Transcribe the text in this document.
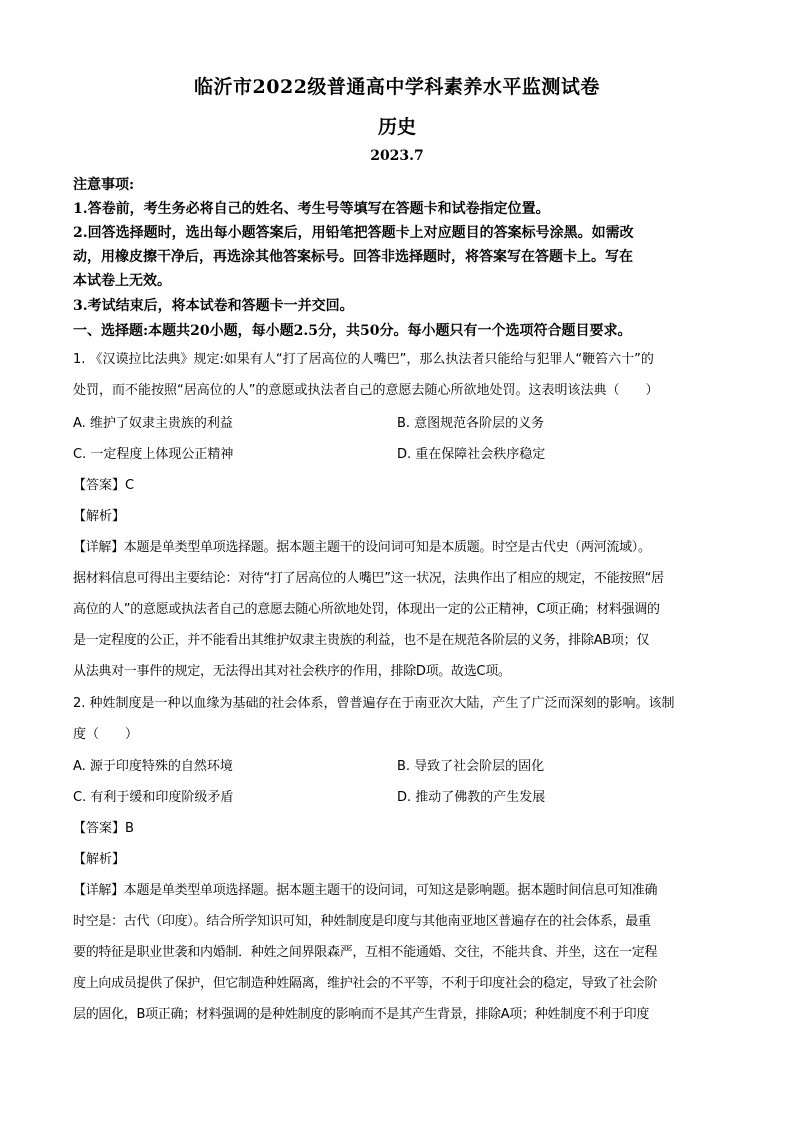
临沂市2022级普通高中学科素养水平监测试卷
历史
2023.7
注意事项:
1.答卷前，考生务必将自己的姓名、考生号等填写在答题卡和试卷指定位置。
2.回答选择题时，选出每小题答案后，用铅笔把答题卡上对应题目的答案标号涂黑。如需改
动，用橡皮擦干净后，再选涂其他答案标号。回答非选择题时，将答案写在答题卡上。写在
本试卷上无效。
3.考试结束后，将本试卷和答题卡一并交回。
一、选择题:本题共20小题，每小题2.5分，共50分。每小题只有一个选项符合题目要求。
1. 《汉谟拉比法典》规定:如果有人“打了居高位的人嘴巴”，那么执法者只能给与犯罪人“鞭笞六十”的
处罚，而不能按照“居高位的人”的意愿或执法者自己的意愿去随心所欲地处罚。这表明该法典（　　）
A. 维护了奴隶主贵族的利益	B. 意图规范各阶层的义务
C. 一定程度上体现公正精神	D. 重在保障社会秩序稳定
【答案】C
【解析】
【详解】本题是单类型单项选择题。据本题主题干的设问词可知是本质题。时空是古代史（两河流域）。
据材料信息可得出主要结论：对待“打了居高位的人嘴巴”这一状况，法典作出了相应的规定，不能按照“居
高位的人”的意愿或执法者自己的意愿去随心所欲地处罚，体现出一定的公正精神，C项正确；材料强调的
是一定程度的公正，并不能看出其维护奴隶主贵族的利益，也不是在规范各阶层的义务，排除AB项；仅
从法典对一事件的规定，无法得出其对社会秩序的作用，排除D项。故选C项。
2. 种姓制度是一种以血缘为基础的社会体系，曾普遍存在于南亚次大陆，产生了广泛而深刻的影响。该制
度（　　）
A. 源于印度特殊的自然环境	B. 导致了社会阶层的固化
C. 有利于缓和印度阶级矛盾	D. 推动了佛教的产生发展
【答案】B
【解析】
【详解】本题是单类型单项选择题。据本题主题干的设问词，可知这是影响题。据本题时间信息可知准确
时空是：古代（印度）。结合所学知识可知，种姓制度是印度与其他南亚地区普遍存在的社会体系，最重
要的特征是职业世袭和内婚制．种姓之间界限森严，互相不能通婚、交往，不能共食、并坐，这在一定程
度上向成员提供了保护，但它制造种姓隔离，维护社会的不平等，不利于印度社会的稳定，导致了社会阶
层的固化，B项正确；材料强调的是种姓制度的影响而不是其产生背景，排除A项；种姓制度不利于印度
